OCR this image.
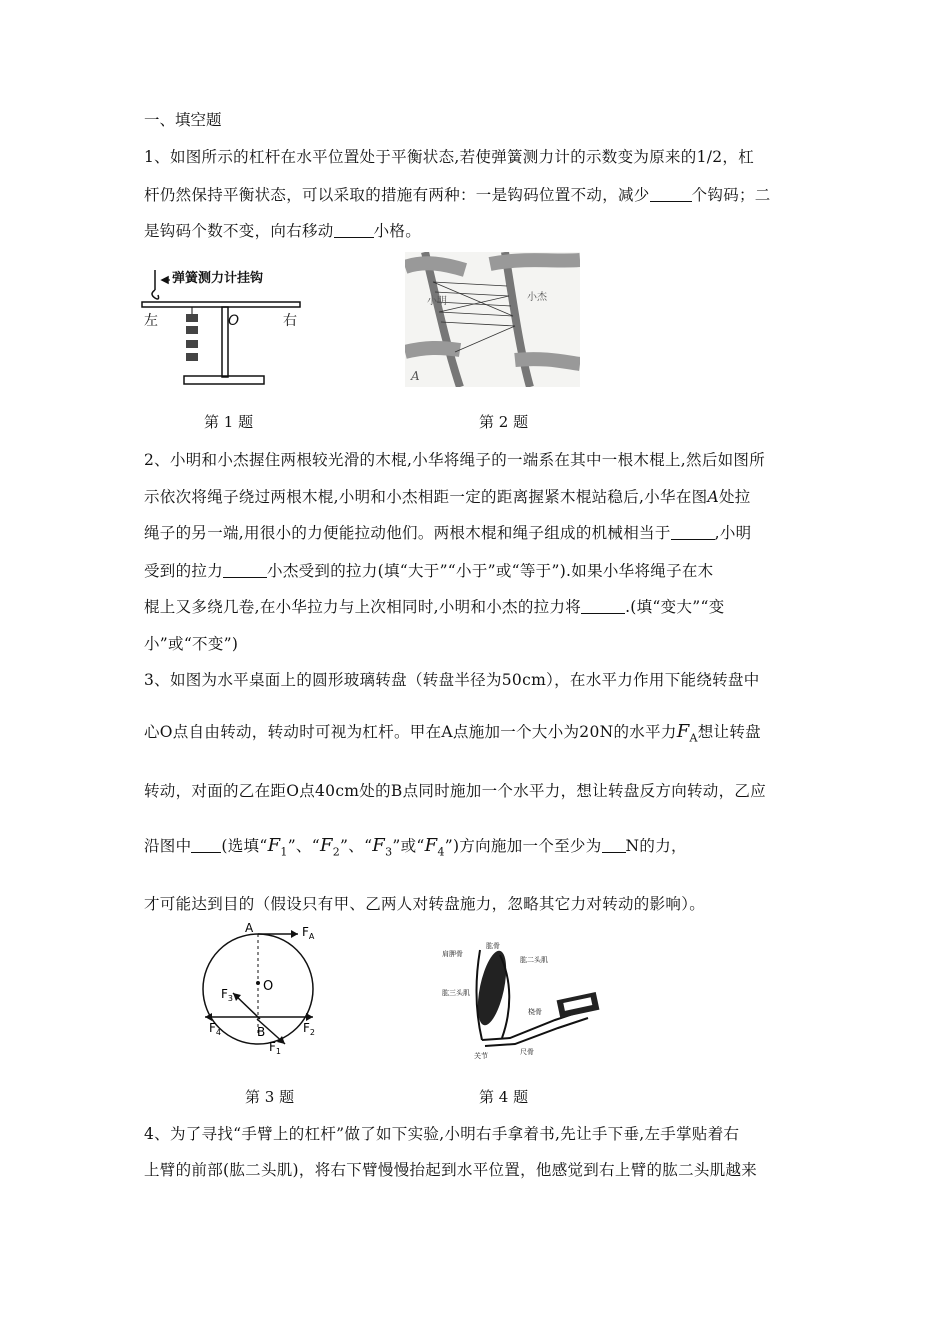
一、填空题
1、如图所示的杠杆在水平位置处于平衡状态,若使弹簧测力计的示数变为原来的1/2，杠
杆仍然保持平衡状态，可以采取的措施有两种：一是钩码位置不动，减少	个钩码；二
是钩码个数不变，向右移动	小格。
弹簧测力计挂钩
左	O	右
小明	小杰
A
第 1 题	第 2 题
2、小明和小杰握住两根较光滑的木棍,小华将绳子的一端系在其中一根木棍上,然后如图所
示依次将绳子绕过两根木棍,小明和小杰相距一定的距离握紧木棍站稳后,小华在图A处拉
绳子的另一端,用很小的力便能拉动他们。两根木棍和绳子组成的机械相当于	,小明
受到的拉力	小杰受到的拉力(填“大于”“小于”或“等于”).如果小华将绳子在木
棍上又多绕几卷,在小华拉力与上次相同时,小明和小杰的拉力将	.(填“变大”“变
小”或“不变”)
3、如图为水平桌面上的圆形玻璃转盘（转盘半径为50cm），在水平力作用下能绕转盘中
心O点自由转动，转动时可视为杠杆。甲在A点施加一个大小为20N的水平力$F_A$想让转盘
转动，对面的乙在距O点40cm处的B点同时施加一个水平力，想让转盘反方向转动，乙应
沿图中 (选填“$F_1$”、“$F_2$”、“$F_3$”或“$F_4$”)方向施加一个至少为 N的力，
才可能达到目的（假设只有甲、乙两人对转盘施力，忽略其它力对转动的影响）。
A	$F_A$
O
B
$F_3$
$F_4$	$F_2$
$F_1$
肩胛骨
肱骨
肱二头肌
肱三头肌
桡骨
关节	尺骨
第 3 题	第 4 题
4、为了寻找“手臂上的杠杆”做了如下实验,小明右手拿着书,先让手下垂,左手掌贴着右
上臂的前部(肱二头肌)，将右下臂慢慢抬起到水平位置，他感觉到右上臂的肱二头肌越来
